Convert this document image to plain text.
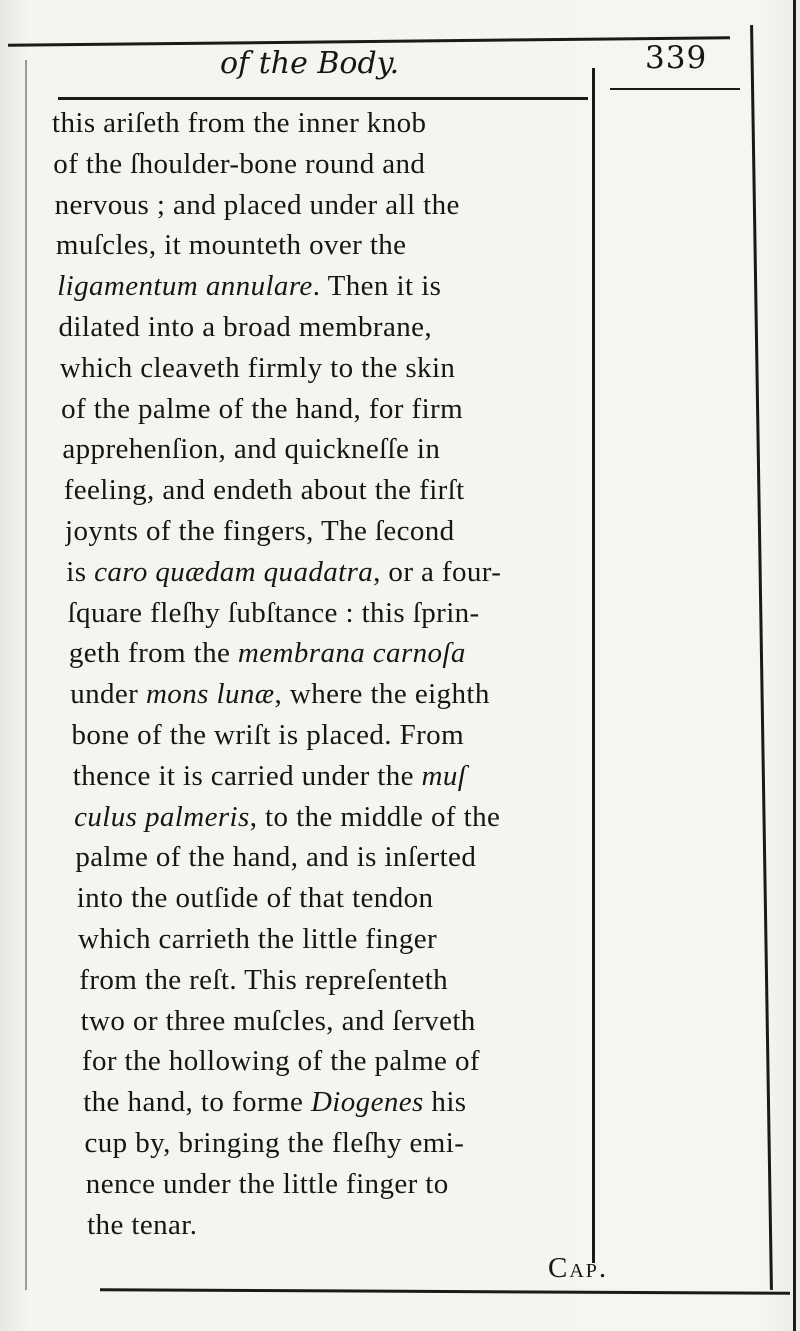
of the Body.	339
this ariſeth from the inner knob
of the ſhoulder-bone round and
nervous ; and placed under all the
muſcles, it mounteth over the
ligamentum annulare. Then it is
dilated into a broad membrane,
which cleaveth firmly to the skin
of the palme of the hand, for firm
apprehenſion, and quickneſſe in
feeling, and endeth about the firſt
joynts of the fingers, The ſecond
is caro quædam quadatra, or a four-
ſquare fleſhy ſubſtance : this ſprin-
geth from the membrana carnoſa
under mons lunæ, where the eighth
bone of the wriſt is placed. From
thence it is carried under the muſ
culus palmeris, to the middle of the
palme of the hand, and is inſerted
into the outſide of that tendon
which carrieth the little finger
from the reſt. This repreſenteth
two or three muſcles, and ſerveth
for the hollowing of the palme of
the hand, to forme Diogenes his
cup by, bringing the fleſhy emi-
nence under the little finger to
the tenar.
Cap.
